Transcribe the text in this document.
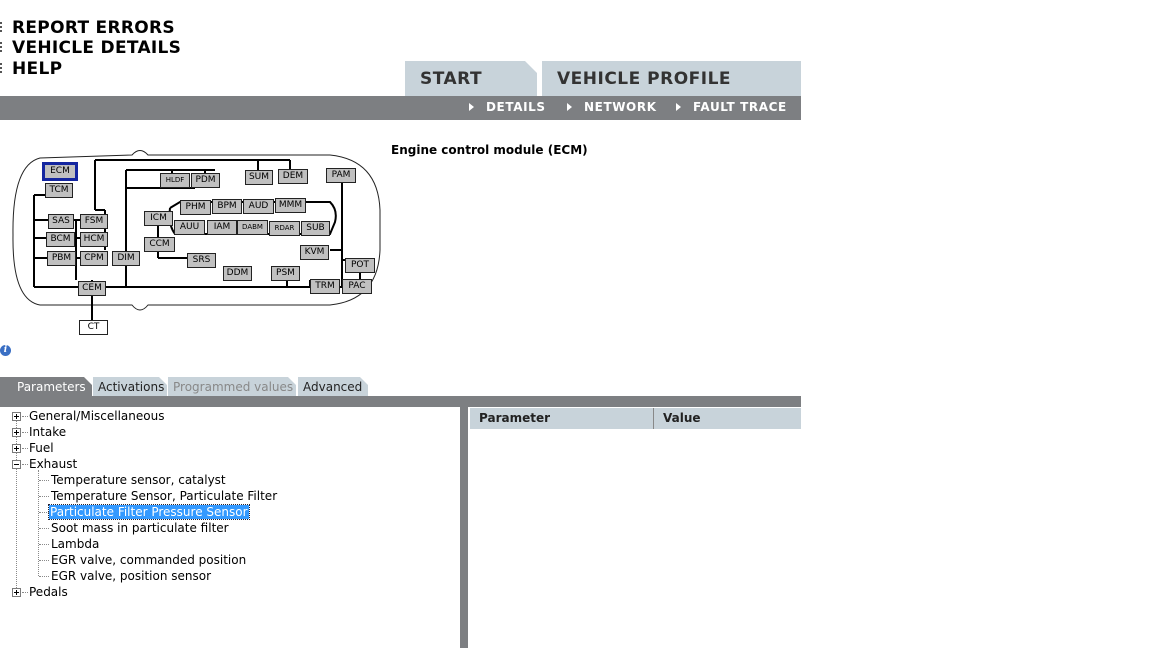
REPORT ERRORS
VEHICLE DETAILS
HELP	START	VEHICLE PROFILE
DETAILS	NETWORK	FAULT TRACE
ECM
TCM
SAS	FSM
BCM	HCM
PBM	CPM	DIM
CEM
CT
ICM
CCM
HLDF	PDM	SUM	DEM	PAM
PHM	BPM	AUD	MMM
AUU	IAM	DABM	RDAR	SUB
SRS
DDM	PSM
KVM
POT
TRM	PAC
Engine control module (ECM)
i
Parameters	Activations Programmed values Advanced
General/Miscellaneous
Intake
Fuel
Exhaust
Temperature sensor, catalyst
Temperature Sensor, Particulate Filter
Particulate Filter Pressure Sensor
Soot mass in particulate filter
Lambda
EGR valve, commanded position
EGR valve, position sensor
Pedals
Parameter	Value
